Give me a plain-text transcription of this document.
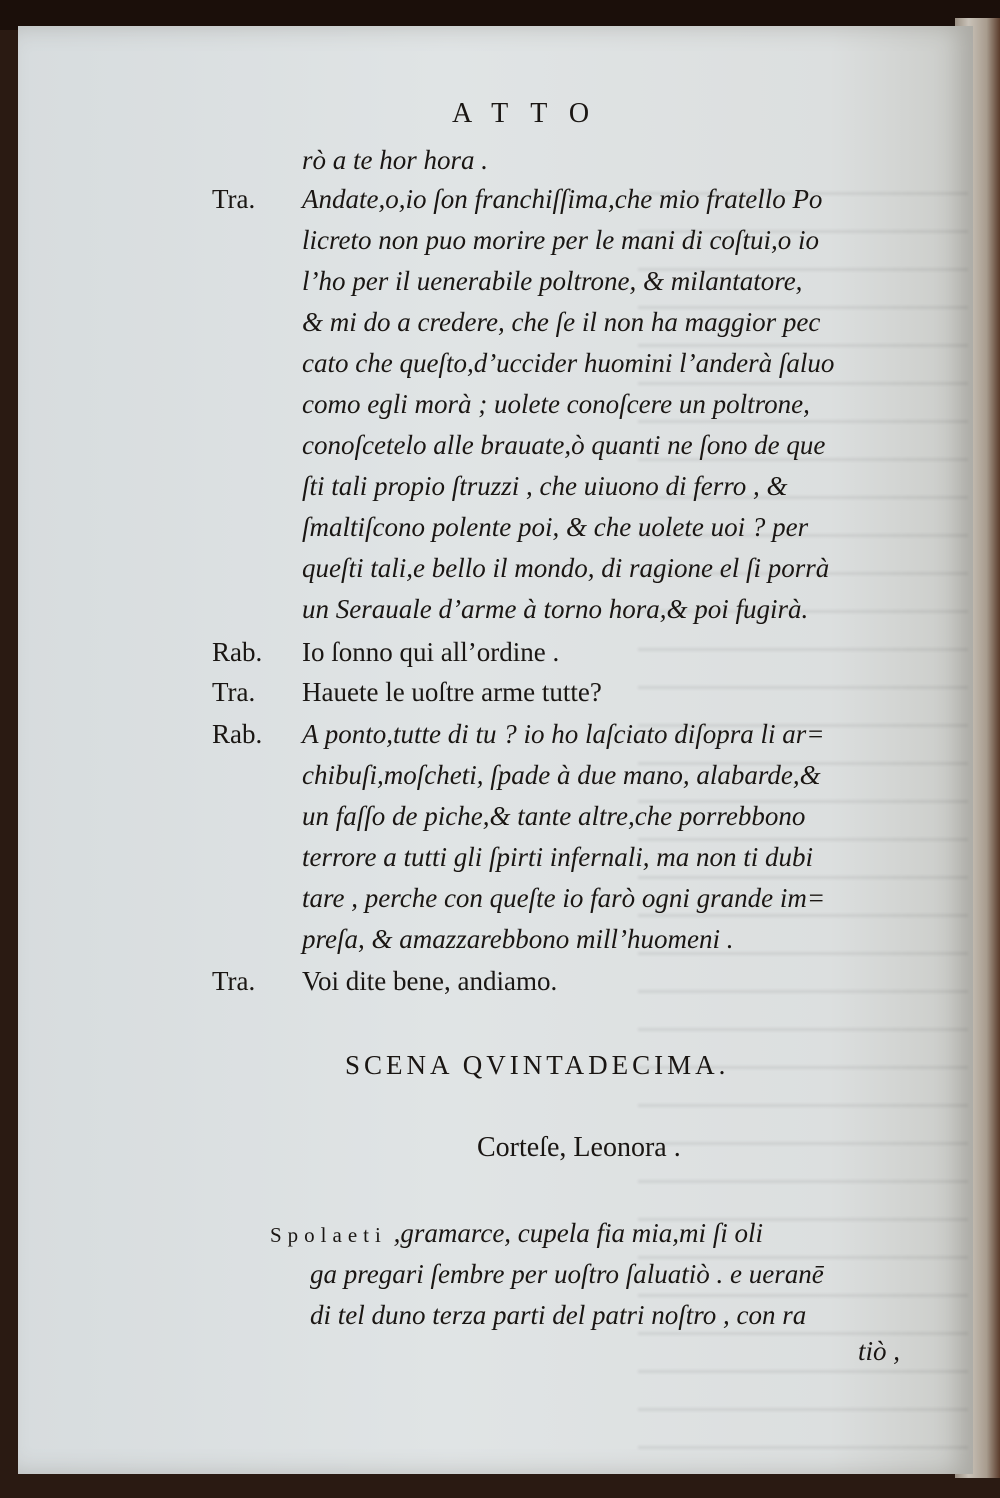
ATTO
rò a te hor hora .
Tra. Andate,o,io ſon franchiſſima,che mio fratello Po
licreto non puo morire per le mani di coſtui,o io
l’ho per il uenerabile poltrone, & milantatore,
& mi do a credere, che ſe il non ha maggior pec
cato che queſto,d’uccider huomini l’anderà ſaluo
como egli morà ; uolete conoſcere un poltrone,
conoſcetelo alle brauate,ò quanti ne ſono de que
ſti tali propio ſtruzzi , che uiuono di ferro , &
ſmaltiſcono polente poi, & che uolete uoi ? per
queſti tali,e bello il mondo, di ragione el ſi porrà
un Serauale d’arme à torno hora,& poi fugirà.
Rab. Io ſonno qui all’ordine .
Tra. Hauete le uoſtre arme tutte?
Rab. A ponto,tutte di tu ? io ho laſciato diſopra li ar=
chibuſi,moſcheti, ſpade à due mano, alabarde,&
un faſſo de piche,& tante altre,che porrebbono
terrore a tutti gli ſpirti infernali, ma non ti dubi
tare , perche con queſte io farò ogni grande im=
preſa, & amazzarebbono mill’huomeni .
Tra. Voi dite bene, andiamo.
SCENA QVINTADECIMA.
Corteſe, Leonora .
Spolaeti ,gramarce, cupela fia mia,mi ſi oli
ga pregari ſembre per uoſtro ſaluatiò . e ueranē
di tel duno terza parti del patri noſtro , con ra
tiò ,
